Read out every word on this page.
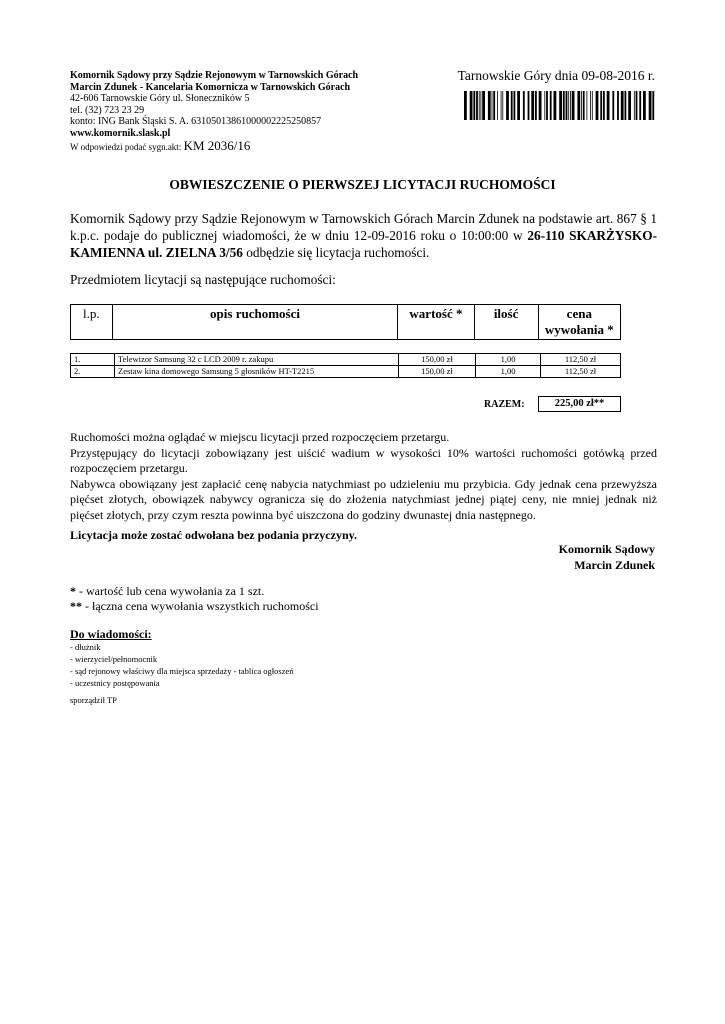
Komornik Sądowy przy Sądzie Rejonowym w Tarnowskich Górach
Marcin Zdunek - Kancelaria Komornicza w Tarnowskich Górach
42-606 Tarnowskie Góry ul. Słoneczników 5
tel. (32) 723 23 29
konto: ING Bank Śląski S. A. 63105013861000002225250857
www.komornik.slask.pl
W odpowiedzi podać sygn.akt: KM 2036/16
Tarnowskie Góry dnia 09-08-2016 r.
OBWIESZCZENIE O PIERWSZEJ LICYTACJI RUCHOMOŚCI
Komornik Sądowy przy Sądzie Rejonowym w Tarnowskich Górach Marcin Zdunek na podstawie art. 867 § 1 k.p.c. podaje do publicznej wiadomości, że w dniu 12-09-2016 roku o 10:00:00 w 26-110 SKARŻYSKO-KAMIENNA ul. ZIELNA 3/56 odbędzie się licytacja ruchomości.
Przedmiotem licytacji są następujące ruchomości:
l.p.	opis ruchomości	wartość *	ilość	cena wywołania *
1.	Telewizor Samsung 32 c LCD 2009 r. zakupu	150,00 zł	1,00	112,50 zł
2.	Zestaw kina domowego Samsung 5 głosników HT-T2215	150,00 zł	1,00	112,50 zł
RAZEM:	225,00 zł**

Ruchomości można oglądać w miejscu licytacji przed rozpoczęciem przetargu.

Przystępujący do licytacji zobowiązany jest uiścić wadium w wysokości 10% wartości ruchomości gotówką przed rozpoczęciem przetargu.

Nabywca obowiązany jest zapłacić cenę nabycia natychmiast po udzieleniu mu przybicia. Gdy jednak cena przewyższa pięćset złotych, obowiązek nabywcy ogranicza się do złożenia natychmiast jednej piątej ceny, nie mniej jednak niż pięćset złotych, przy czym reszta powinna być uiszczona do godziny dwunastej dnia następnego.

Licytacja może zostać odwołana bez podania przyczyny.
Komornik Sądowy
Marcin Zdunek
* - wartość lub cena wywołania za 1 szt.
** - łączna cena wywołania wszystkich ruchomości
Do wiadomości:
- dłużnik
- wierzyciel/pełnomocnik
- sąd rejonowy właściwy dla miejsca sprzedaży - tablica ogłoszeń
- uczestnicy postępowania
sporządził TP
